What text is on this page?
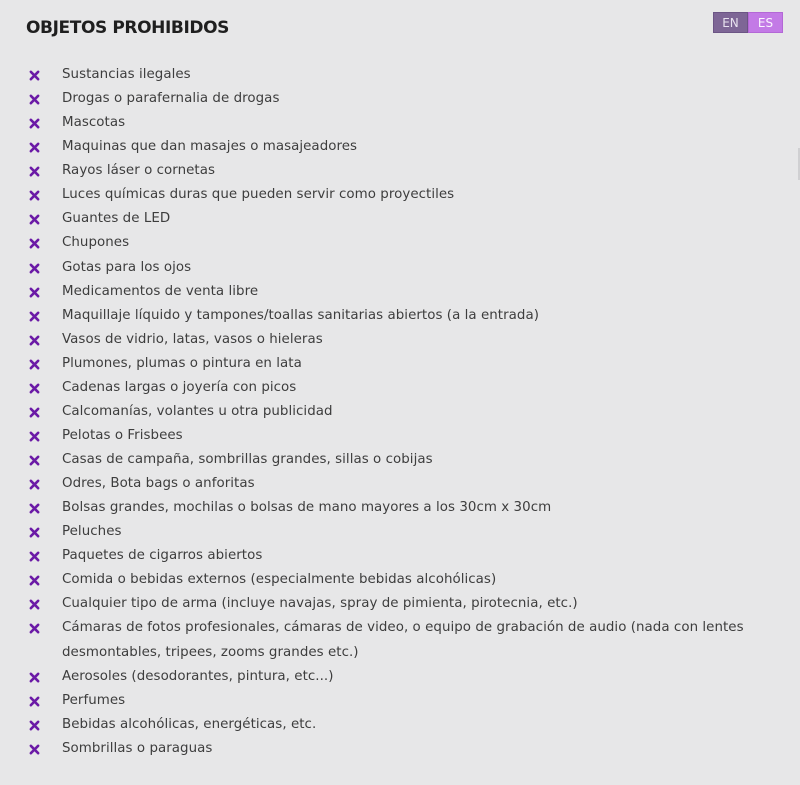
OBJETOS PROHIBIDOS	EN	ES
Sustancias ilegales
Drogas o parafernalia de drogas
Mascotas
Maquinas que dan masajes o masajeadores
Rayos láser o cornetas
Luces químicas duras que pueden servir como proyectiles
Guantes de LED
Chupones
Gotas para los ojos
Medicamentos de venta libre
Maquillaje líquido y tampones/toallas sanitarias abiertos (a la entrada)
Vasos de vidrio, latas, vasos o hieleras
Plumones, plumas o pintura en lata
Cadenas largas o joyería con picos
Calcomanías, volantes u otra publicidad
Pelotas o Frisbees
Casas de campaña, sombrillas grandes, sillas o cobijas
Odres, Bota bags o anforitas
Bolsas grandes, mochilas o bolsas de mano mayores a los 30cm x 30cm
Peluches
Paquetes de cigarros abiertos
Comida o bebidas externos (especialmente bebidas alcohólicas)
Cualquier tipo de arma (incluye navajas, spray de pimienta, pirotecnia, etc.)
Cámaras de fotos profesionales, cámaras de video, o equipo de grabación de audio (nada con lentes desmontables, tripees, zooms grandes etc.)
Aerosoles (desodorantes, pintura, etc...)
Perfumes
Bebidas alcohólicas, energéticas, etc.
Sombrillas o paraguas
